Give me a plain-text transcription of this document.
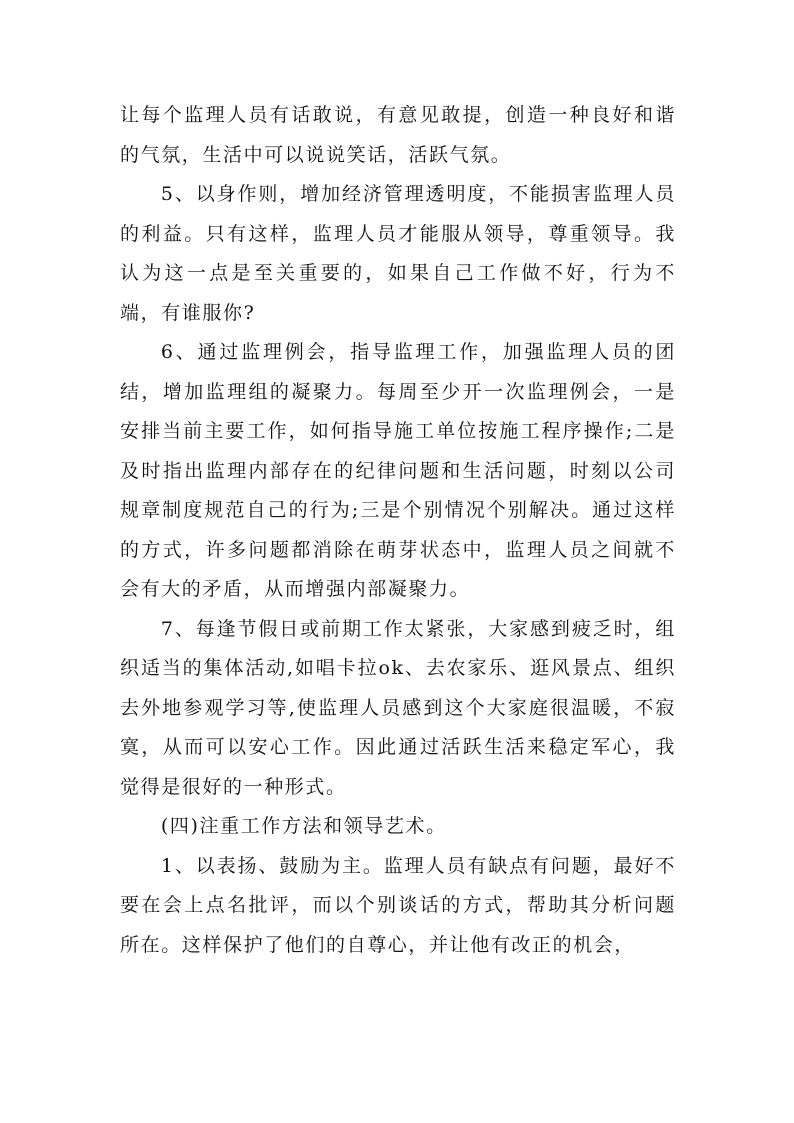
让每个监理人员有话敢说，有意见敢提，创造一种良好和谐的气氛，生活中可以说说笑话，活跃气氛。

5、以身作则，增加经济管理透明度，不能损害监理人员的利益。只有这样，监理人员才能服从领导，尊重领导。我认为这一点是至关重要的，如果自己工作做不好，行为不端，有谁服你?

6、通过监理例会，指导监理工作，加强监理人员的团结，增加监理组的凝聚力。每周至少开一次监理例会，一是安排当前主要工作，如何指导施工单位按施工程序操作;二是及时指出监理内部存在的纪律问题和生活问题，时刻以公司规章制度规范自己的行为;三是个别情况个别解决。通过这样的方式，许多问题都消除在萌芽状态中，监理人员之间就不会有大的矛盾，从而增强内部凝聚力。

7、每逢节假日或前期工作太紧张，大家感到疲乏时，组织适当的集体活动,如唱卡拉ok、去农家乐、逛风景点、组织去外地参观学习等,使监理人员感到这个大家庭很温暖，不寂寞，从而可以安心工作。因此通过活跃生活来稳定军心，我觉得是很好的一种形式。

(四)注重工作方法和领导艺术。

1、以表扬、鼓励为主。监理人员有缺点有问题，最好不要在会上点名批评，而以个别谈话的方式，帮助其分析问题所在。这样保护了他们的自尊心，并让他有改正的机会，
